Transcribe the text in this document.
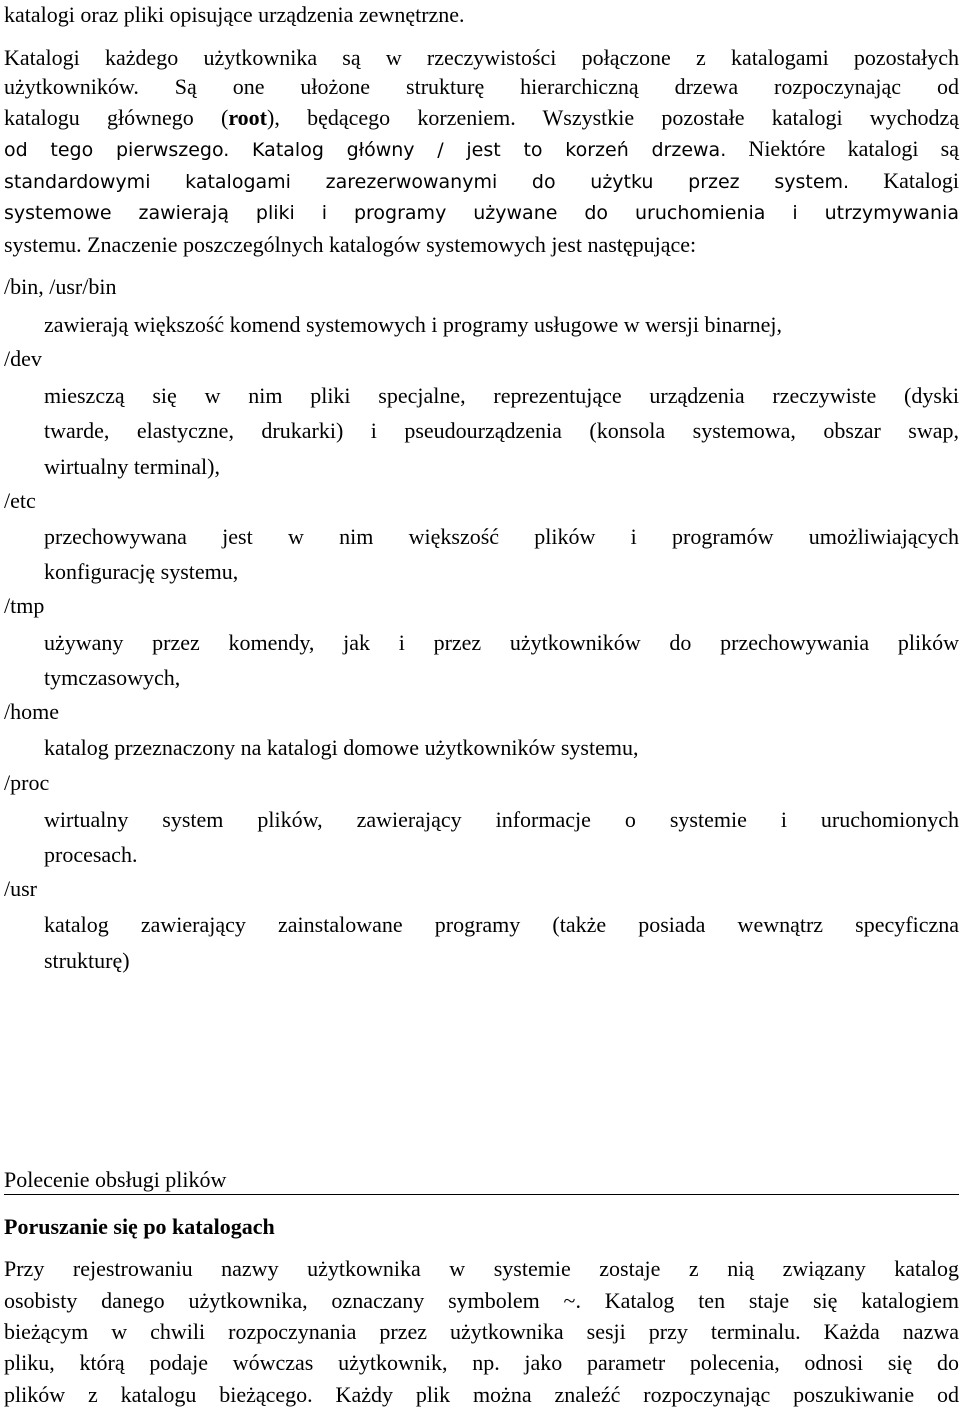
katalogi oraz pliki opisujące urządzenia zewnętrzne.
Katalogi każdego użytkownika są w rzeczywistości połączone z katalogami pozostałych
użytkowników. Są one ułożone strukturę hierarchiczną drzewa rozpoczynając od
katalogu głównego (root), będącego korzeniem. Wszystkie pozostałe katalogi wychodzą
od tego pierwszego. Katalog główny / jest to korzeń drzewa. Niektóre katalogi są
standardowymi katalogami zarezerwowanymi do użytku przez system. Katalogi
systemowe zawierają pliki i programy używane do uruchomienia i utrzymywania
systemu. Znaczenie poszczególnych katalogów systemowych jest następujące:
/bin, /usr/bin
zawierają większość komend systemowych i programy usługowe w wersji binarnej,
/dev
mieszczą się w nim pliki specjalne, reprezentujące urządzenia rzeczywiste (dyski
twarde, elastyczne, drukarki) i pseudourządzenia (konsola systemowa, obszar swap,
wirtualny terminal),
/etc
przechowywana jest w nim większość plików i programów umożliwiających
konfigurację systemu,
/tmp
używany przez komendy, jak i przez użytkowników do przechowywania plików
tymczasowych,
/home
katalog przeznaczony na katalogi domowe użytkowników systemu,
/proc
wirtualny system plików, zawierający informacje o systemie i uruchomionych
procesach.
/usr
katalog zawierający zainstalowane programy (także posiada wewnątrz specyficzna
strukturę)
Polecenie obsługi plików
Poruszanie się po katalogach
Przy rejestrowaniu nazwy użytkownika w systemie zostaje z nią związany katalog
osobisty danego użytkownika, oznaczany symbolem ~. Katalog ten staje się katalogiem
bieżącym w chwili rozpoczynania przez użytkownika sesji przy terminalu. Każda nazwa
pliku, którą podaje wówczas użytkownik, np. jako parametr polecenia, odnosi się do
plików z katalogu bieżącego. Każdy plik można znaleźć rozpoczynając poszukiwanie od
